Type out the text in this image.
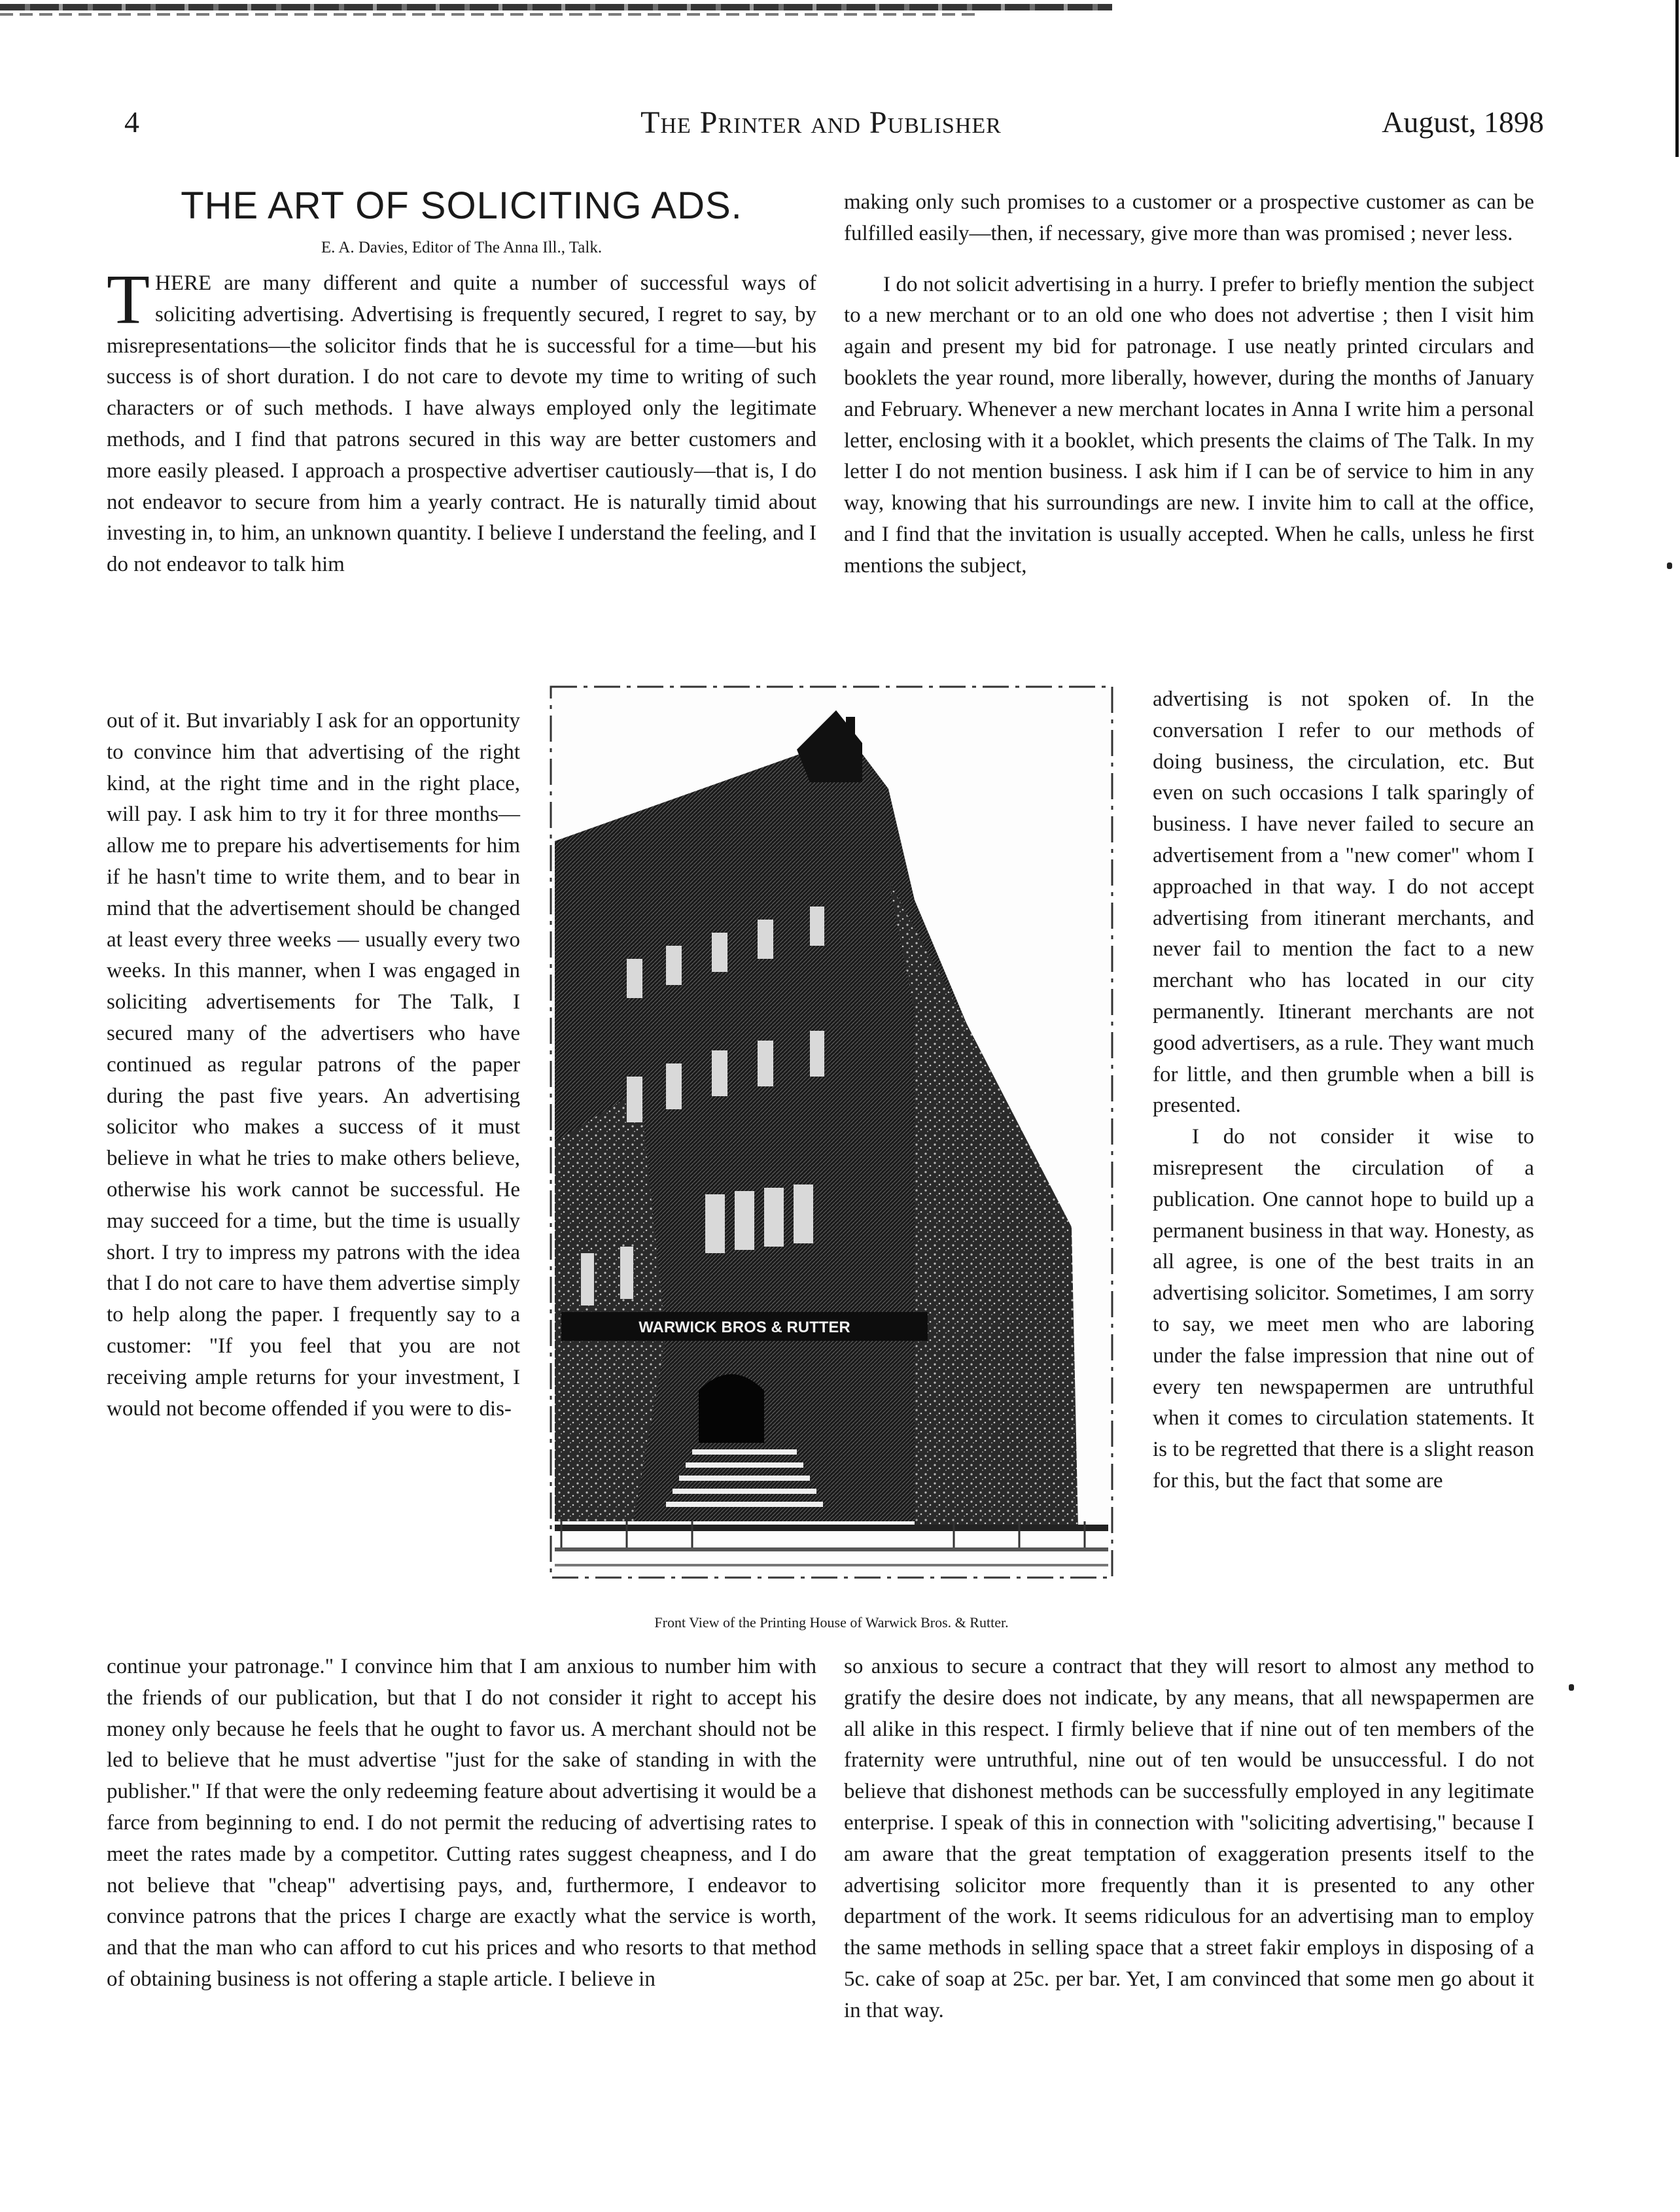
4	The Printer and Publisher	August, 1898
THE ART OF SOLICITING ADS.
E. A. Davies, Editor of The Anna Ill., Talk.

THERE are many different and quite a number of successful ways of soliciting advertising. Advertising is frequently secured, I regret to say, by misrepresentations—the solicitor finds that he is successful for a time—but his success is of short duration. I do not care to devote my time to writing of such characters or of such methods. I have always employed only the legitimate methods, and I find that patrons secured in this way are better customers and more easily pleased. I approach a prospective advertiser cautiously—that is, I do not endeavor to secure from him a yearly contract. He is naturally timid about investing in, to him, an unknown quantity. I believe I understand the feeling, and I do not endeavor to talk him

out of it. But invariably I ask for an opportunity to convince him that advertising of the right kind, at the right time and in the right place, will pay. I ask him to try it for three months—allow me to prepare his advertisements for him if he hasn't time to write them, and to bear in mind that the advertisement should be changed at least every three weeks — usually every two weeks. In this manner, when I was engaged in soliciting advertisements for The Talk, I secured many of the advertisers who have continued as regular patrons of the paper during the past five years. An advertising solicitor who makes a success of it must believe in what he tries to make others believe, otherwise his work cannot be successful. He may succeed for a time, but the time is usually short. I try to impress my patrons with the idea that I do not care to have them advertise simply to help along the paper. I frequently say to a customer: "If you feel that you are not receiving ample returns for your investment, I would not become offended if you were to dis-

WARWICK BROS & RUTTER
Front View of the Printing House of Warwick Bros. & Rutter.

continue your patronage." I convince him that I am anxious to number him with the friends of our publication, but that I do not consider it right to accept his money only because he feels that he ought to favor us. A merchant should not be led to believe that he must advertise "just for the sake of standing in with the publisher." If that were the only redeeming feature about advertising it would be a farce from beginning to end. I do not permit the reducing of advertising rates to meet the rates made by a competitor. Cutting rates suggest cheapness, and I do not believe that "cheap" advertising pays, and, furthermore, I endeavor to convince patrons that the prices I charge are exactly what the service is worth, and that the man who can afford to cut his prices and who resorts to that method of obtaining business is not offering a staple article. I believe in

making only such promises to a customer or a prospective customer as can be fulfilled easily—then, if necessary, give more than was promised ; never less.

I do not solicit advertising in a hurry. I prefer to briefly mention the subject to a new merchant or to an old one who does not advertise ; then I visit him again and present my bid for patronage. I use neatly printed circulars and booklets the year round, more liberally, however, during the months of January and February. Whenever a new merchant locates in Anna I write him a personal letter, enclosing with it a booklet, which presents the claims of The Talk. In my letter I do not mention business. I ask him if I can be of service to him in any way, knowing that his surroundings are new. I invite him to call at the office, and I find that the invitation is usually accepted. When he calls, unless he first mentions the subject,

advertising is not spoken of. In the conversation I refer to our methods of doing business, the circulation, etc. But even on such occasions I talk sparingly of business. I have never failed to secure an advertisement from a "new comer" whom I approached in that way. I do not accept advertising from itinerant merchants, and never fail to mention the fact to a new merchant who has located in our city permanently. Itinerant merchants are not good advertisers, as a rule. They want much for little, and then grumble when a bill is presented.

I do not consider it wise to misrepresent the circulation of a publication. One cannot hope to build up a permanent business in that way. Honesty, as all agree, is one of the best traits in an advertising solicitor. Sometimes, I am sorry to say, we meet men who are laboring under the false impression that nine out of every ten newspapermen are untruthful when it comes to circulation statements. It is to be regretted that there is a slight reason for this, but the fact that some are

so anxious to secure a contract that they will resort to almost any method to gratify the desire does not indicate, by any means, that all newspapermen are all alike in this respect. I firmly believe that if nine out of ten members of the fraternity were untruthful, nine out of ten would be unsuccessful. I do not believe that dishonest methods can be successfully employed in any legitimate enterprise. I speak of this in connection with "soliciting advertising," because I am aware that the great temptation of exaggeration presents itself to the advertising solicitor more frequently than it is presented to any other department of the work. It seems ridiculous for an advertising man to employ the same methods in selling space that a street fakir employs in disposing of a 5c. cake of soap at 25c. per bar. Yet, I am convinced that some men go about it in that way.
